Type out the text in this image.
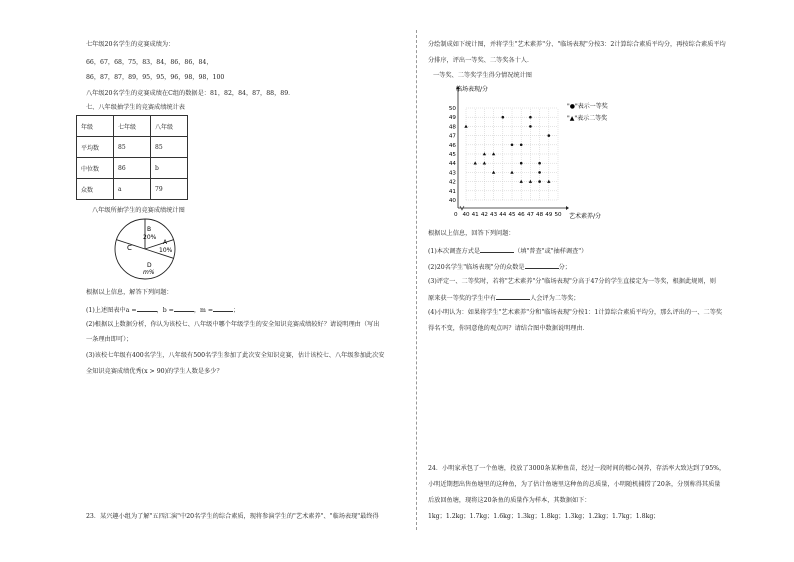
七年级20名学生的竞赛成绩为：
66，67，68，75，83，84，86，86，84，
86，87，87，89，95，95，96，98，98，100
八年级20名学生的竞赛成绩在C组的数据是：81，82，84，87，88，89．
七、八年级抽学生的竞赛成绩统计表
年级	七年级	八年级
平均数	85	85
中位数	86	b
众数	a	79
八年级所抽学生的竞赛成绩统计图
B
20%
A
10%
C
D
m%
根据以上信息，解答下列问题：
(1)上述图表中a =	，b =	，m =	；
(2)根据以上数据分析，你认为该校七、八年级中哪个年级学生的安全知识竞赛成绩较好？请说明理由（写出
一条理由即可）；
(3)该校七年级有400名学生，八年级有500名学生参加了此次安全知识竞赛，估计该校七、八年级参加此次安
全知识竞赛成绩优秀(x > 90)的学生人数是多少？
23．某兴趣小组为了解"五四汇演"中20名学生的综合素质，现将参演学生的"艺术素养"、"临场表现"最终得
分绘制成如下统计图，并将学生"艺术素养"分、"临场表现"分按3：2计算综合素质平均分，再按综合素质平均
分排序，评出一等奖、二等奖各十人．
一等奖、二等奖学生得分情况统计图
0 40 41 42 43 44 45 46 47 48 49 50
40
41
42
43
44
45
46
47
48
49
50
临场表现/分
艺术素养/分
"●"表示一等奖
"▲"表示二等奖
根据以上信息，回答下列问题：
(1)本次调查方式是	（填"普查"或"抽样调查"）
(2)20名学生"临场表现"分的众数是	分；
(3)评定一、二等奖时，若将"艺术素养"分"临场表现"分高于47分的学生直接定为一等奖，根据此规则，则
原来获一等奖的学生中有	人会评为二等奖；
(4)小明认为：如果将学生"艺术素养"分和"临场表现"分按1：1计算综合素质平均分，那么评出的一、二等奖
得名不变，你同意他的观点吗？请结合图中数据说明理由．
24．小明家承包了一个鱼塘，投放了3000条某种鱼苗，经过一段时间的精心饲养，存活率大致达到了95%，
小明近期想出售鱼塘里的这种鱼，为了估计鱼塘里这种鱼的总质量，小明随机捕捞了20条，分别称得其质量
后放回鱼塘，现将这20条鱼的质量作为样本，其数据如下：
1kg；1.2kg；1.7kg；1.6kg；1.3kg；1.8kg；1.3kg；1.2kg；1.7kg；1.8kg；
